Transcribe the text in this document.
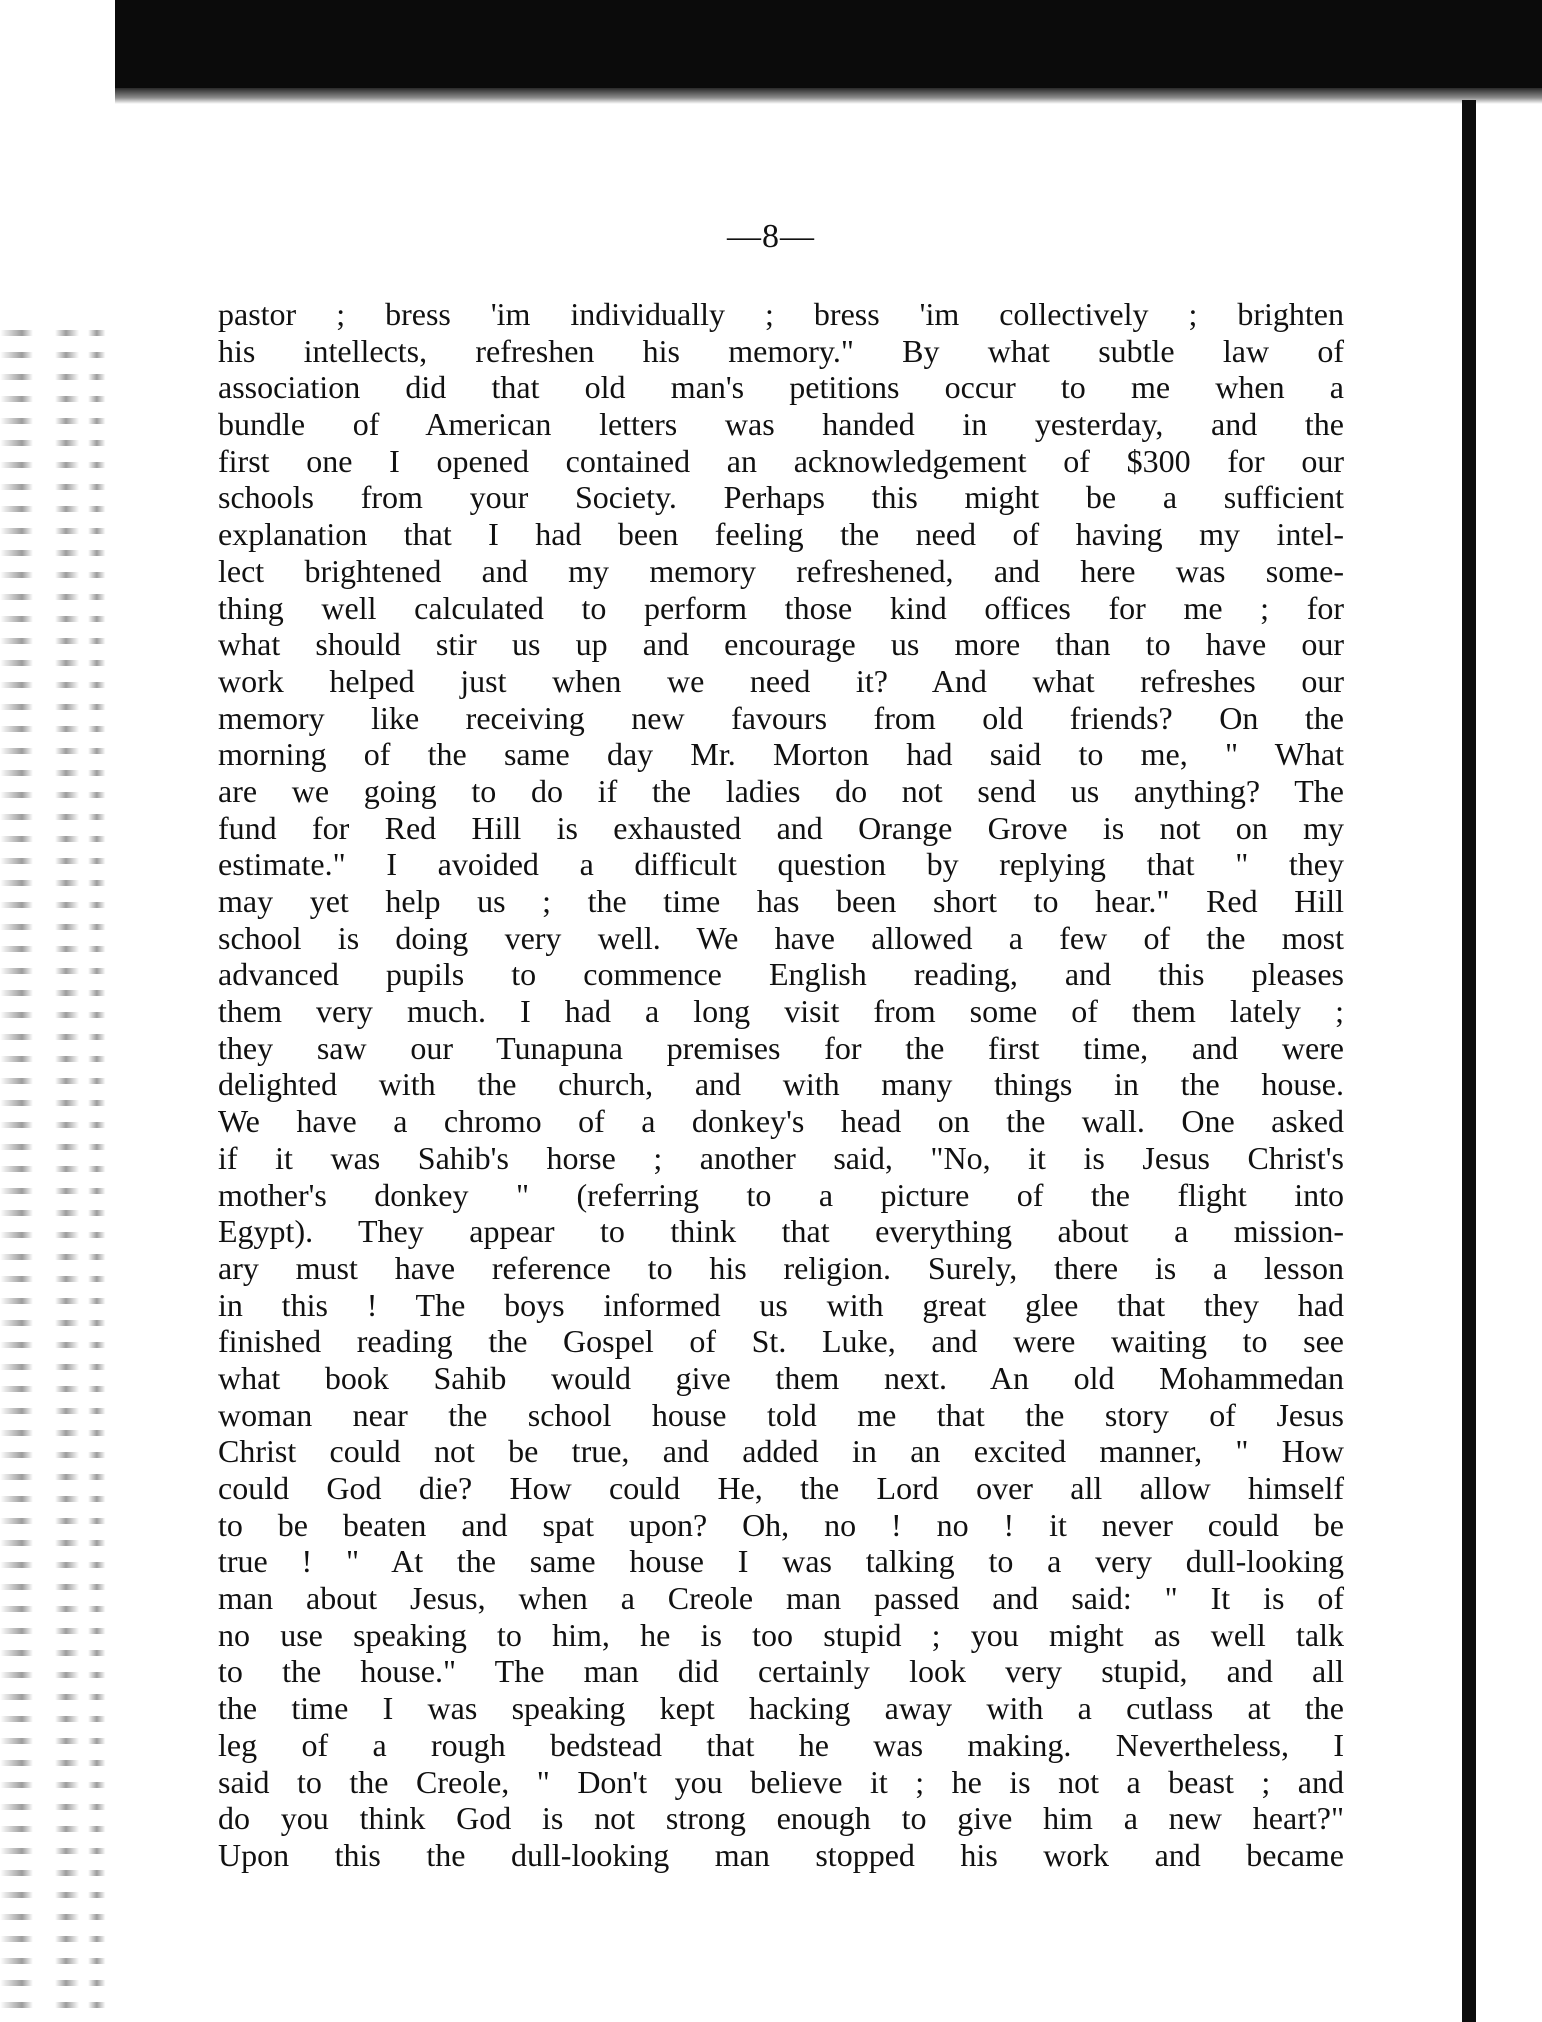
—8—
pastor ; bress 'im individually ; bress 'im collectively ; brighten
his intellects, refreshen his memory." By what subtle law of
association did that old man's petitions occur to me when a
bundle of American letters was handed in yesterday, and the
first one I opened contained an acknowledgement of $300 for our
schools from your Society. Perhaps this might be a sufficient
explanation that I had been feeling the need of having my intel-
lect brightened and my memory refreshened, and here was some-
thing well calculated to perform those kind offices for me ; for
what should stir us up and encourage us more than to have our
work helped just when we need it? And what refreshes our
memory like receiving new favours from old friends? On the
morning of the same day Mr. Morton had said to me, " What
are we going to do if the ladies do not send us anything? The
fund for Red Hill is exhausted and Orange Grove is not on my
estimate." I avoided a difficult question by replying that " they
may yet help us ; the time has been short to hear." Red Hill
school is doing very well. We have allowed a few of the most
advanced pupils to commence English reading, and this pleases
them very much. I had a long visit from some of them lately ;
they saw our Tunapuna premises for the first time, and were
delighted with the church, and with many things in the house.
We have a chromo of a donkey's head on the wall. One asked
if it was Sahib's horse ; another said, "No, it is Jesus Christ's
mother's donkey " (referring to a picture of the flight into
Egypt). They appear to think that everything about a mission-
ary must have reference to his religion. Surely, there is a lesson
in this ! The boys informed us with great glee that they had
finished reading the Gospel of St. Luke, and were waiting to see
what book Sahib would give them next. An old Mohammedan
woman near the school house told me that the story of Jesus
Christ could not be true, and added in an excited manner, " How
could God die? How could He, the Lord over all allow himself
to be beaten and spat upon? Oh, no ! no ! it never could be
true ! " At the same house I was talking to a very dull-looking
man about Jesus, when a Creole man passed and said: " It is of
no use speaking to him, he is too stupid ; you might as well talk
to the house." The man did certainly look very stupid, and all
the time I was speaking kept hacking away with a cutlass at the
leg of a rough bedstead that he was making. Nevertheless, I
said to the Creole, " Don't you believe it ; he is not a beast ; and
do you think God is not strong enough to give him a new heart?"
Upon this the dull-looking man stopped his work and became
